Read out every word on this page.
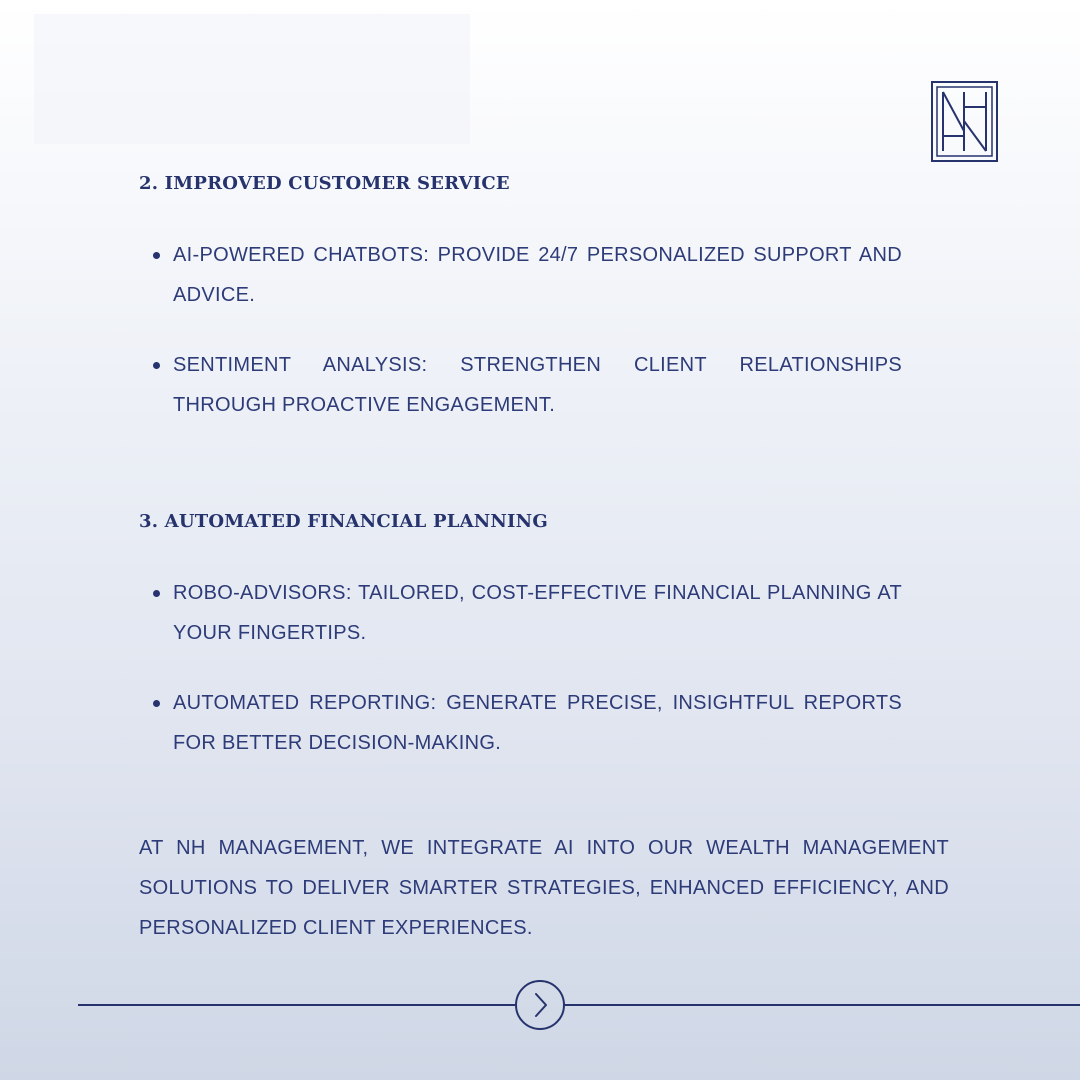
2. IMPROVED CUSTOMER SERVICE
AI-POWERED CHATBOTS: PROVIDE 24/7 PERSONALIZED SUPPORT AND ADVICE.
SENTIMENT ANALYSIS: STRENGTHEN CLIENT RELATIONSHIPS THROUGH PROACTIVE ENGAGEMENT.
3. AUTOMATED FINANCIAL PLANNING
ROBO-ADVISORS: TAILORED, COST-EFFECTIVE FINANCIAL PLANNING AT YOUR FINGERTIPS.
AUTOMATED REPORTING: GENERATE PRECISE, INSIGHTFUL REPORTS FOR BETTER DECISION-MAKING.

AT NH MANAGEMENT, WE INTEGRATE AI INTO OUR WEALTH MANAGEMENT SOLUTIONS TO DELIVER SMARTER STRATEGIES, ENHANCED EFFICIENCY, AND PERSONALIZED CLIENT EXPERIENCES.
